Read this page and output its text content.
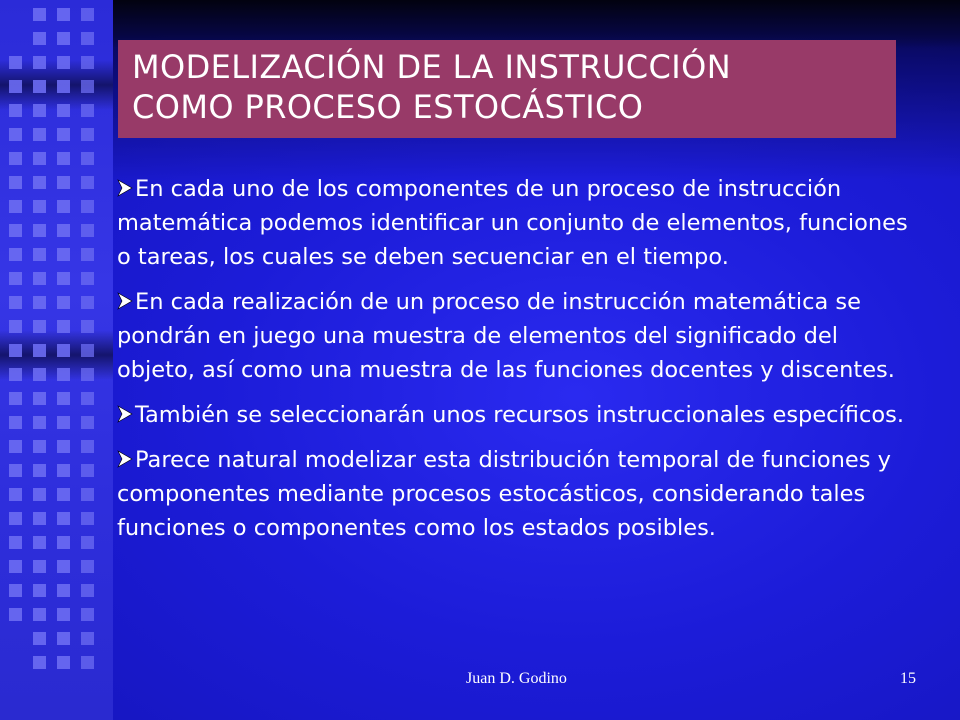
MODELIZACIÓN DE LA INSTRUCCIÓN
COMO PROCESO ESTOCÁSTICO

En cada uno de los componentes de un proceso de instrucción matemática podemos identificar un conjunto de elementos, funciones o tareas, los cuales se deben secuenciar en el tiempo.

En cada realización de un proceso de instrucción matemática se pondrán en juego una muestra de elementos del significado del objeto, así como una muestra de las funciones docentes y discentes.

También se seleccionarán unos recursos instruccionales específicos.

Parece natural modelizar esta distribución temporal de funciones y componentes mediante procesos estocásticos, considerando tales funciones o componentes como los estados posibles.

Juan D. Godino	15
